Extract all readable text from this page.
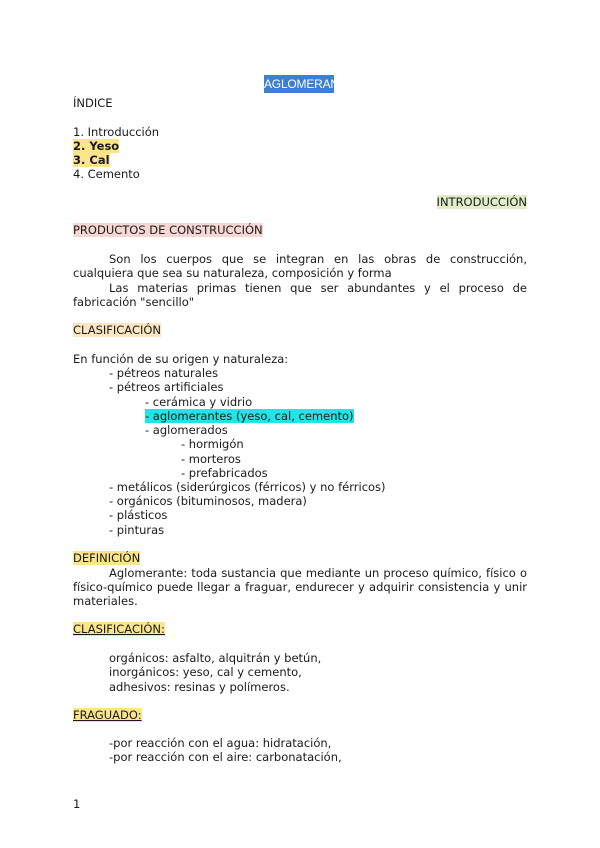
AGLOMERANTES
ÍNDICE
1. Introducción
2. Yeso
3. Cal
4. Cemento
INTRODUCCIÓN
PRODUCTOS DE CONSTRUCCIÓN
Son los cuerpos que se integran en las obras de construcción, cualquiera que sea su naturaleza, composición y forma
Las materias primas tienen que ser abundantes y el proceso de fabricación "sencillo"
CLASIFICACIÓN
En función de su origen y naturaleza:
- pétreos naturales
- pétreos artificiales
- cerámica y vidrio
- aglomerantes (yeso, cal, cemento)
- aglomerados
- hormigón
- morteros
- prefabricados
- metálicos (siderúrgicos (férricos) y no férricos)
- orgánicos (bituminosos, madera)
- plásticos
- pinturas
DEFINICIÓN
Aglomerante: toda sustancia que mediante un proceso químico, físico o físico-químico puede llegar a fraguar, endurecer y adquirir consistencia y unir materiales.
CLASIFICACIÓN:
orgánicos: asfalto, alquitrán y betún,
inorgánicos: yeso, cal y cemento,
adhesivos: resinas y polímeros.
FRAGUADO:
-por reacción con el agua: hidratación,
-por reacción con el aire: carbonatación,
1
